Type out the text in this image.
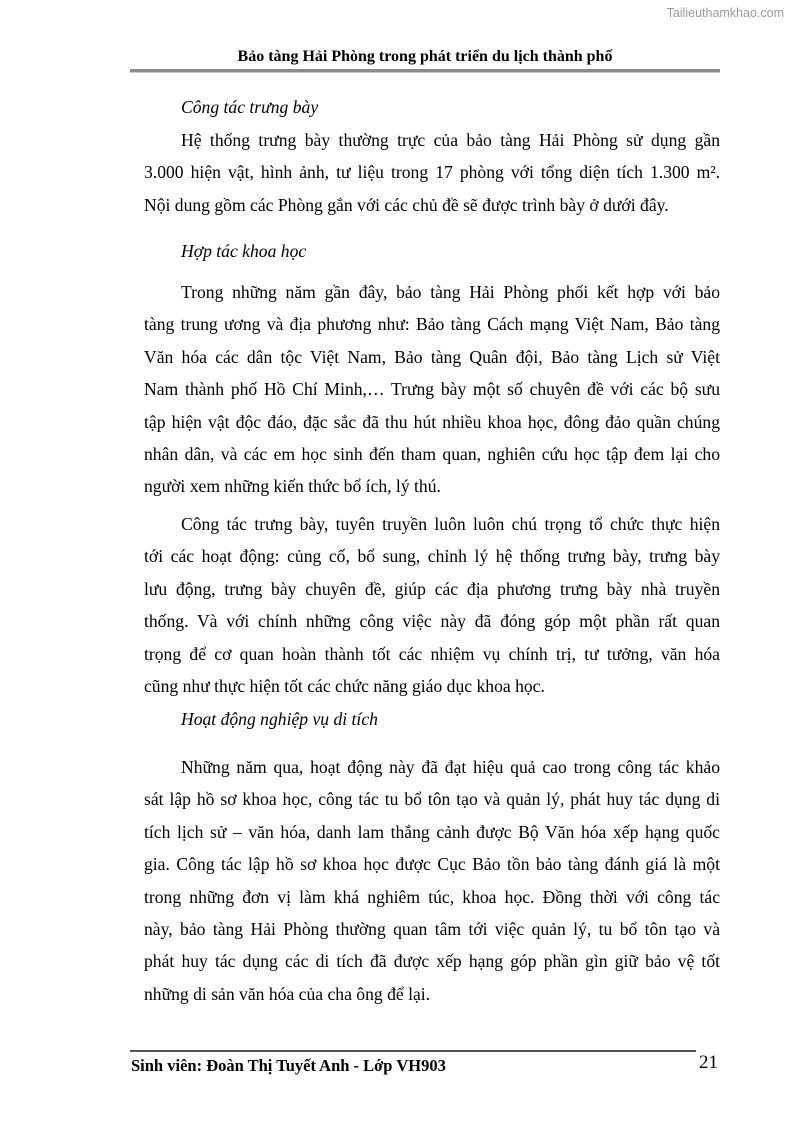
Tailieuthamkhao.com
Bảo tàng Hải Phòng trong phát triển du lịch thành phố
Công tác trưng bày
Hệ thống trưng bày thường trực của bảo tàng Hải Phòng sử dụng gần
3.000 hiện vật, hình ảnh, tư liệu trong 17 phòng với tổng diện tích 1.300 m².
Nội dung gồm các Phòng gắn với các chủ đề sẽ được trình bày ở dưới đây.
Hợp tác khoa học
Trong những năm gần đây, bảo tàng Hải Phòng phối kết hợp với bảo
tàng trung ương và địa phương như: Bảo tàng Cách mạng Việt Nam, Bảo tàng
Văn hóa các dân tộc Việt Nam, Bảo tàng Quân đội, Bảo tàng Lịch sử Việt
Nam thành phố Hồ Chí Minh,… Trưng bày một số chuyên đề với các bộ sưu
tập hiện vật độc đáo, đặc sắc đã thu hút nhiều khoa học, đông đảo quần chúng
nhân dân, và các em học sinh đến tham quan, nghiên cứu học tập đem lại cho
người xem những kiến thức bổ ích, lý thú.
Công tác trưng bày, tuyên truyền luôn luôn chú trọng tổ chức thực hiện
tới các hoạt động: củng cố, bổ sung, chỉnh lý hệ thống trưng bày, trưng bày
lưu động, trưng bày chuyên đề, giúp các địa phương trưng bày nhà truyền
thống. Và với chính những công việc này đã đóng góp một phần rất quan
trọng để cơ quan hoàn thành tốt các nhiệm vụ chính trị, tư tưởng, văn hóa
cũng như thực hiện tốt các chức năng giáo dục khoa học.
Hoạt động nghiệp vụ di tích
Những năm qua, hoạt động này đã đạt hiệu quả cao trong công tác khảo
sát lập hồ sơ khoa học, công tác tu bổ tôn tạo và quản lý, phát huy tác dụng di
tích lịch sử – văn hóa, danh lam thắng cảnh được Bộ Văn hóa xếp hạng quốc
gia. Công tác lập hồ sơ khoa học được Cục Bảo tồn bảo tàng đánh giá là một
trong những đơn vị làm khá nghiêm túc, khoa học. Đồng thời với công tác
này, bảo tàng Hải Phòng thường quan tâm tới việc quản lý, tu bổ tôn tạo và
phát huy tác dụng các di tích đã được xếp hạng góp phần gìn giữ bảo vệ tốt
những di sản văn hóa của cha ông để lại.
Sinh viên: Đoàn Thị Tuyết Anh - Lớp VH903	21
